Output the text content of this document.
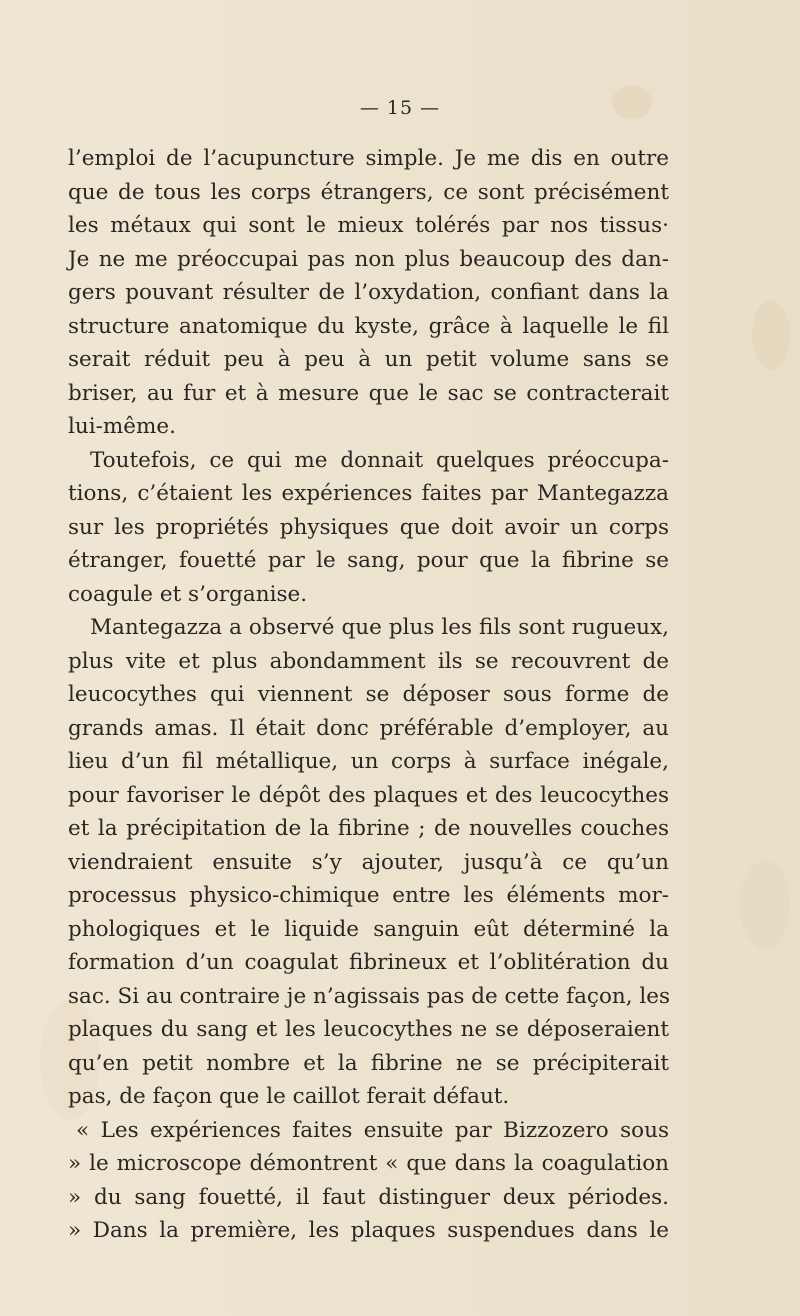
— 15 —
l’emploi de l’acupuncture simple. Je me dis en outre
que de tous les corps étrangers, ce sont précisément
les métaux qui sont le mieux tolérés par nos tissus·
Je ne me préoccupai pas non plus beaucoup des dan-
gers pouvant résulter de l’oxydation, confiant dans la
structure anatomique du kyste, grâce à laquelle le fil
serait réduit peu à peu à un petit volume sans se
briser, au fur et à mesure que le sac se contracterait
lui-même.
Toutefois, ce qui me donnait quelques préoccupa-
tions, c’étaient les expériences faites par Mantegazza
sur les propriétés physiques que doit avoir un corps
étranger, fouetté par le sang, pour que la fibrine se
coagule et s’organise.
Mantegazza a observé que plus les fils sont rugueux,
plus vite et plus abondamment ils se recouvrent de
leucocythes qui viennent se déposer sous forme de
grands amas. Il était donc préférable d’employer, au
lieu d’un fil métallique, un corps à surface inégale,
pour favoriser le dépôt des plaques et des leucocythes
et la précipitation de la fibrine ; de nouvelles couches
viendraient ensuite s’y ajouter, jusqu’à ce qu’un
processus physico-chimique entre les éléments mor-
phologiques et le liquide sanguin eût déterminé la
formation d’un coagulat fibrineux et l’oblitération du
sac. Si au contraire je n’agissais pas de cette façon, les
plaques du sang et les leucocythes ne se déposeraient
qu’en petit nombre et la fibrine ne se précipiterait
pas, de façon que le caillot ferait défaut.
« Les expériences faites ensuite par Bizzozero sous
» le microscope démontrent « que dans la coagulation
» du sang fouetté, il faut distinguer deux périodes.
» Dans la première, les plaques suspendues dans le
